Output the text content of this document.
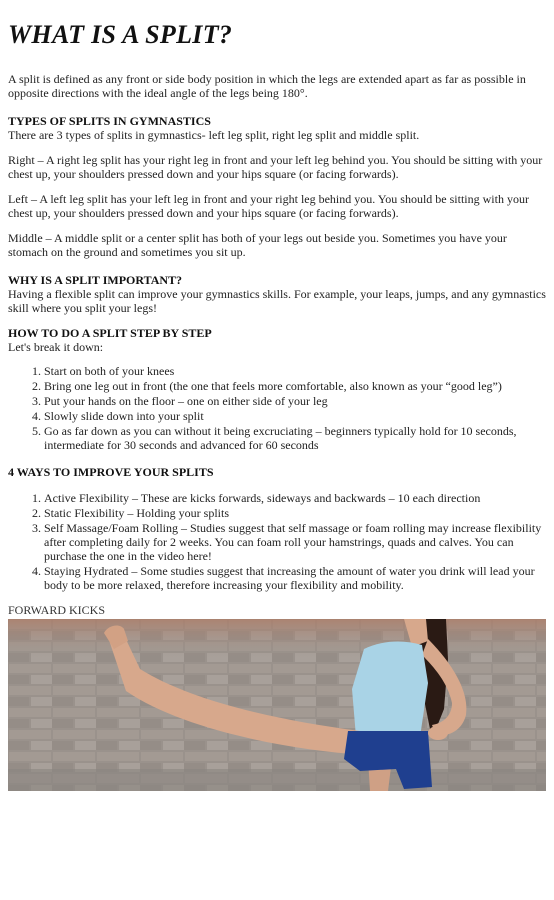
WHAT IS A SPLIT?

A split is defined as any front or side body position in which the legs are extended apart as far as possible in opposite directions with the ideal angle of the legs being 180°.

TYPES OF SPLITS IN GYMNASTICS

There are 3 types of splits in gymnastics- left leg split, right leg split and middle split.

Right – A right leg split has your right leg in front and your left leg behind you. You should be sitting with your chest up, your shoulders pressed down and your hips square (or facing forwards).

Left – A left leg split has your left leg in front and your right leg behind you. You should be sitting with your chest up, your shoulders pressed down and your hips square (or facing forwards).

Middle – A middle split or a center split has both of your legs out beside you. Sometimes you have your stomach on the ground and sometimes you sit up.

WHY IS A SPLIT IMPORTANT?

Having a flexible split can improve your gymnastics skills. For example, your leaps, jumps, and any gymnastics skill where you split your legs!

HOW TO DO A SPLIT STEP BY STEP

Let's break it down:

1. Start on both of your knees
2. Bring one leg out in front (the one that feels more comfortable, also known as your “good leg”)
3. Put your hands on the floor – one on either side of your leg
4. Slowly slide down into your split
5. Go as far down as you can without it being excruciating – beginners typically hold for 10 seconds, intermediate for 30 seconds and advanced for 60 seconds
4 WAYS TO IMPROVE YOUR SPLITS
1. Active Flexibility – These are kicks forwards, sideways and backwards – 10 each direction
2. Static Flexibility – Holding your splits
3. Self Massage/Foam Rolling – Studies suggest that self massage or foam rolling may increase flexibility after completing daily for 2 weeks. You can foam roll your hamstrings, quads and calves. You can purchase the one in the video here!
4. Staying Hydrated – Some studies suggest that increasing the amount of water you drink will lead your body to be more relaxed, therefore increasing your flexibility and mobility.
FORWARD KICKS
